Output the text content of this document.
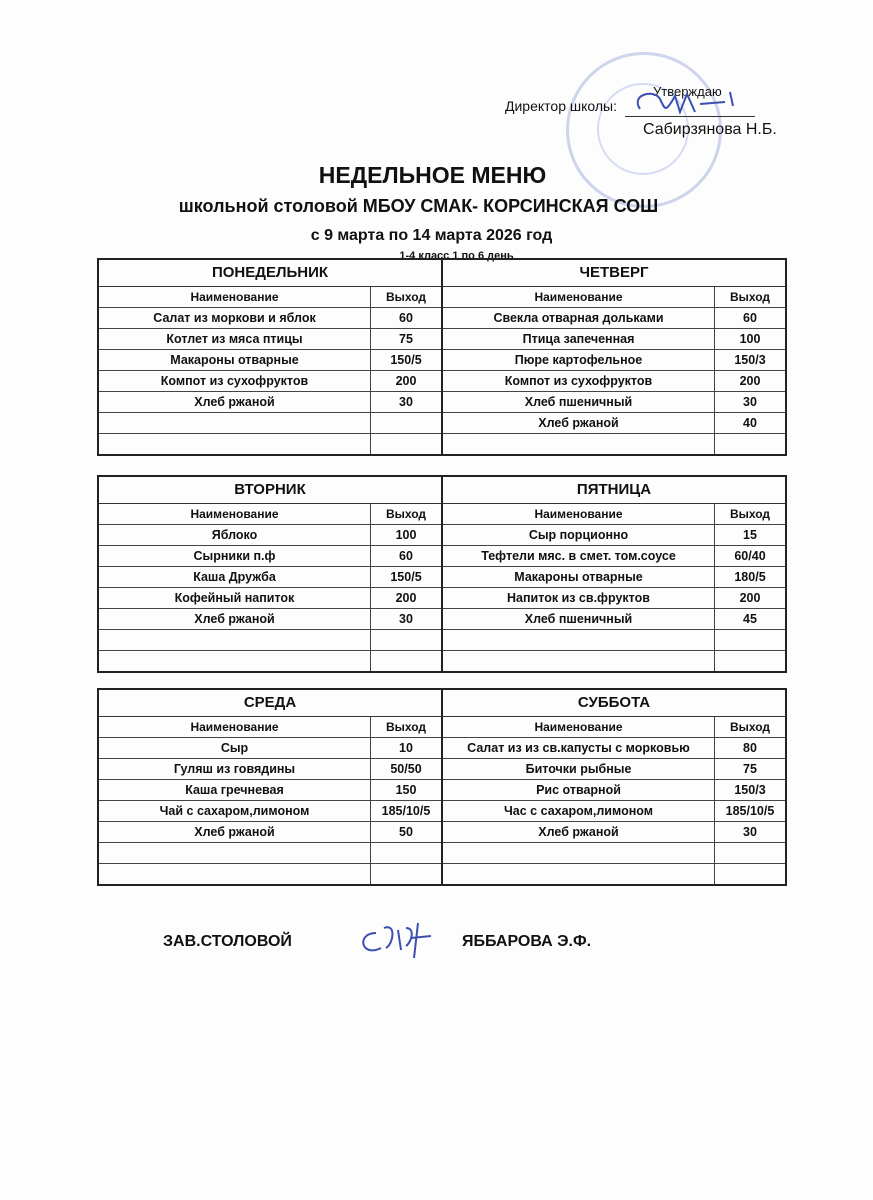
Утверждаю
Директор школы:
Сабирзянова Н.Б.
НЕДЕЛЬНОЕ МЕНЮ
школьной столовой МБОУ СМАК- КОРСИНСКАЯ СОШ
с 9 марта по 14 марта 2026 год
1-4 класс 1 по 6 день
ПОНЕДЕЛЬНИК
Наименование	Выход
Салат из моркови и яблок	60
Котлет из мяса птицы	75
Макароны отварные	150/5
Компот из сухофруктов	200
Хлеб ржаной	30
ЧЕТВЕРГ
Наименование	Выход
Свекла отварная дольками	60
Птица запеченная	100
Пюре картофельное	150/3
Компот из сухофруктов	200
Хлеб пшеничный	30
Хлеб ржаной	40
ВТОРНИК
Наименование	Выход
Яблоко	100
Сырники п.ф	60
Каша Дружба	150/5
Кофейный напиток	200
Хлеб ржаной	30
ПЯТНИЦА
Наименование	Выход
Сыр порционно	15
Тефтели мяс. в смет. том.соусе	60/40
Макароны отварные	180/5
Напиток из св.фруктов	200
Хлеб пшеничный	45
СРЕДА
Наименование	Выход
Сыр	10
Гуляш из говядины	50/50
Каша гречневая	150
Чай с сахаром,лимоном	185/10/5
Хлеб ржаной	50
СУББОТА
Наименование	Выход
Салат из из св.капусты с морковью	80
Биточки рыбные	75
Рис отварной	150/3
Час с сахаром,лимоном	185/10/5
Хлеб ржаной	30
ЗАВ.СТОЛОВОЙ	ЯББАРОВА Э.Ф.
